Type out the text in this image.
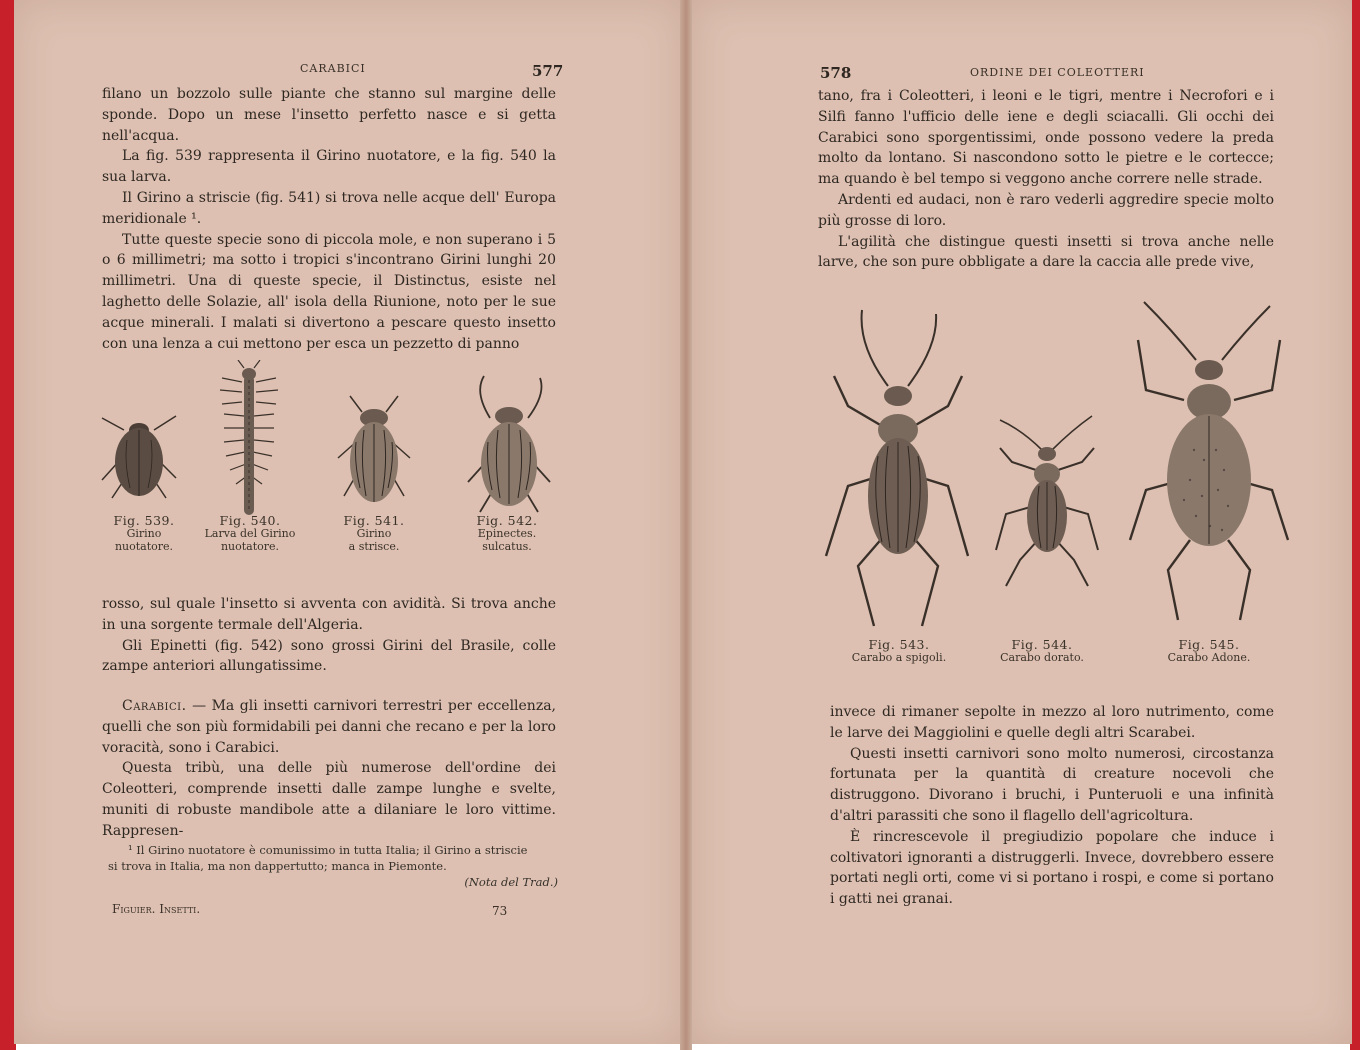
CARABICI	577

filano un bozzolo sulle piante che stanno sul margine delle sponde. Dopo un mese l'insetto perfetto nasce e si getta nell'acqua.

La fig. 539 rappresenta il Girino nuotatore, e la fig. 540 la sua larva.

Il Girino a striscie (fig. 541) si trova nelle acque dell' Europa meridionale ¹.

Tutte queste specie sono di piccola mole, e non superano i 5 o 6 millimetri; ma sotto i tropici s'incontrano Girini lunghi 20 millimetri. Una di queste specie, il Distinctus, esiste nel laghetto delle Solazie, all' isola della Riunione, noto per le sue acque minerali. I malati si divertono a pescare questo insetto con una lenza a cui mettono per esca un pezzetto di panno

Fig. 539.
Girino
nuotatore.
Fig. 540.
Larva del Girino
nuotatore.
Fig. 541.
Girino
a strisce.
Fig. 542.
Epinectes.
sulcatus.

rosso, sul quale l'insetto si avventa con avidità. Si trova anche in una sorgente termale dell'Algeria.

Gli Epinetti (fig. 542) sono grossi Girini del Brasile, colle zampe anteriori allungatissime.

Carabici. — Ma gli insetti carnivori terrestri per eccellenza, quelli che son più formidabili pei danni che recano e per la loro voracità, sono i Carabici.

Questa tribù, una delle più numerose dell'ordine dei Coleotteri, comprende insetti dalle zampe lunghe e svelte, muniti di robuste mandibole atte a dilaniare le loro vittime. Rappresen-

¹ Il Girino nuotatore è comunissimo in tutta Italia; il Girino a striscie
si trova in Italia, ma non dappertutto; manca in Piemonte.
(Nota del Trad.)
Figuier. Insetti.	73
578	ORDINE DEI COLEOTTERI

tano, fra i Coleotteri, i leoni e le tigri, mentre i Necrofori e i Silfi fanno l'ufficio delle iene e degli sciacalli. Gli occhi dei Carabici sono sporgentissimi, onde possono vedere la preda molto da lontano. Si nascondono sotto le pietre e le cortecce; ma quando è bel tempo si veggono anche correre nelle strade.

Ardenti ed audaci, non è raro vederli aggredire specie molto più grosse di loro.

L'agilità che distingue questi insetti si trova anche nelle larve, che son pure obbligate a dare la caccia alle prede vive,

Fig. 543.
Carabo a spigoli.
Fig. 544.
Carabo dorato.
Fig. 545.
Carabo Adone.

invece di rimaner sepolte in mezzo al loro nutrimento, come le larve dei Maggiolini e quelle degli altri Scarabei.

Questi insetti carnivori sono molto numerosi, circostanza fortunata per la quantità di creature nocevoli che distruggono. Divorano i bruchi, i Punteruoli e una infinità d'altri parassiti che sono il flagello dell'agricoltura.

È rincrescevole il pregiudizio popolare che induce i coltivatori ignoranti a distruggerli. Invece, dovrebbero essere portati negli orti, come vi si portano i rospi, e come si portano i gatti nei granai.
